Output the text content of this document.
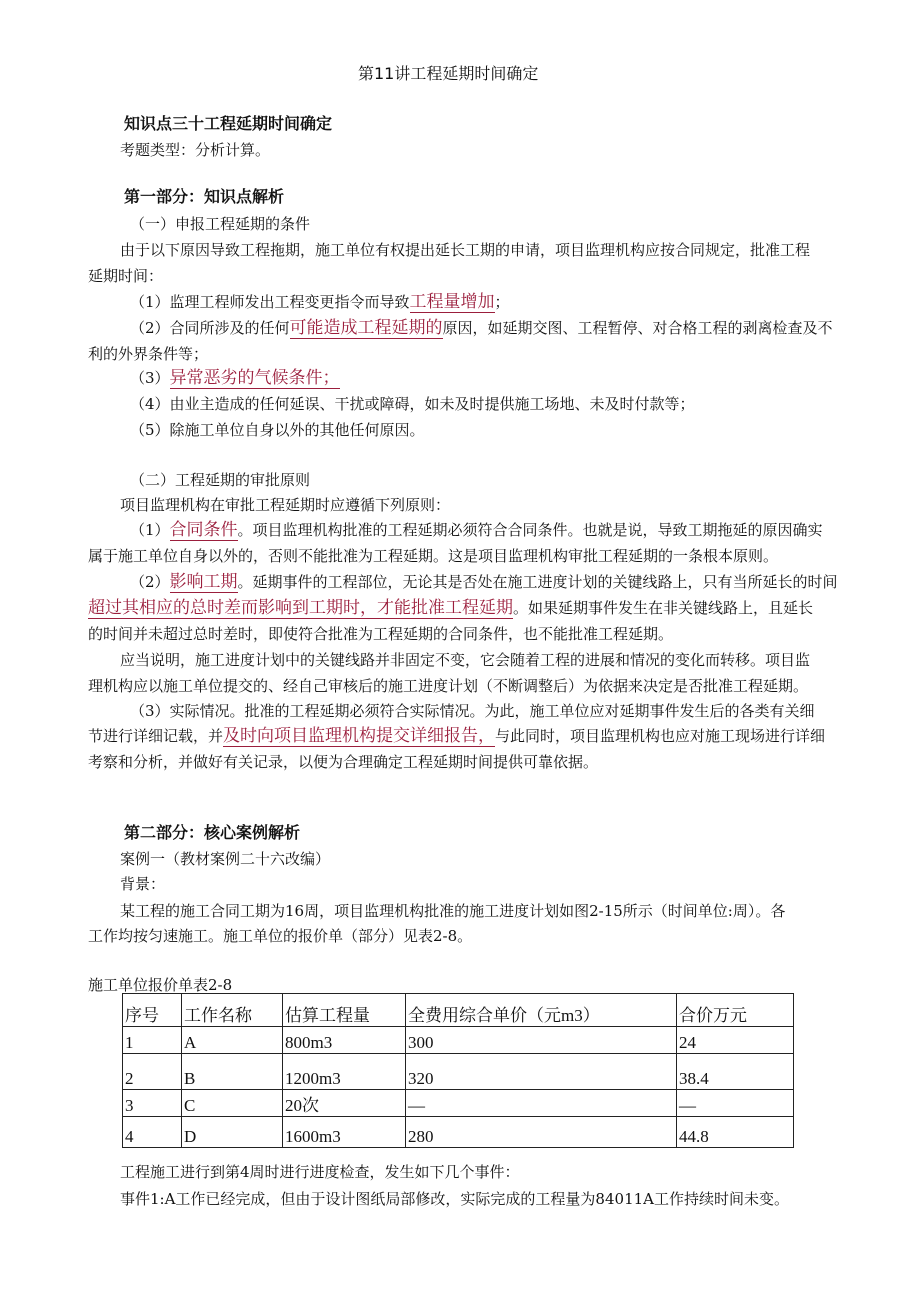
第11讲工程延期时间确定
知识点三十工程延期时间确定
考题类型：分析计算。
第一部分：知识点解析
（一）申报工程延期的条件
由于以下原因导致工程拖期，施工单位有权提出延长工期的申请，项目监理机构应按合同规定，批准工程
延期时间：
（1）监理工程师发出工程变更指令而导致工程量增加；
（2）合同所涉及的任何可能造成工程延期的原因，如延期交图、工程暂停、对合格工程的剥离检查及不
利的外界条件等；
（3）异常恶劣的气候条件；
（4）由业主造成的任何延误、干扰或障碍，如未及时提供施工场地、未及时付款等；
（5）除施工单位自身以外的其他任何原因。
（二）工程延期的审批原则
项目监理机构在审批工程延期时应遵循下列原则：
（1）合同条件。项目监理机构批准的工程延期必须符合合同条件。也就是说，导致工期拖延的原因确实
属于施工单位自身以外的，否则不能批准为工程延期。这是项目监理机构审批工程延期的一条根本原则。
（2）影响工期。延期事件的工程部位，无论其是否处在施工进度计划的关键线路上，只有当所延长的时间
超过其相应的总时差而影响到工期时，才能批准工程延期。如果延期事件发生在非关键线路上，且延长
的时间并未超过总时差时，即使符合批准为工程延期的合同条件，也不能批准工程延期。
应当说明，施工进度计划中的关键线路并非固定不变，它会随着工程的进展和情况的变化而转移。项目监
理机构应以施工单位提交的、经自己审核后的施工进度计划（不断调整后）为依据来决定是否批准工程延期。
（3）实际情况。批准的工程延期必须符合实际情况。为此，施工单位应对延期事件发生后的各类有关细
节进行详细记载，并及时向项目监理机构提交详细报告，与此同时，项目监理机构也应对施工现场进行详细
考察和分析，并做好有关记录，以便为合理确定工程延期时间提供可靠依据。
第二部分：核心案例解析
案例一（教材案例二十六改编）
背景：
某工程的施工合同工期为16周，项目监理机构批准的施工进度计划如图2-15所示（时间单位:周）。各
工作均按匀速施工。施工单位的报价单（部分）见表2-8。
施工单位报价单表2-8
序号	工作名称	估算工程量	全费用综合单价（元m3）	合价万元
1	A	800m3	300	24
2	B	1200m3	320	38.4
3	C	20次	—	—
4	D	1600m3	280	44.8
工程施工进行到第4周时进行进度检查，发生如下几个事件：
事件1:A工作已经完成，但由于设计图纸局部修改，实际完成的工程量为84011A工作持续时间未变。
